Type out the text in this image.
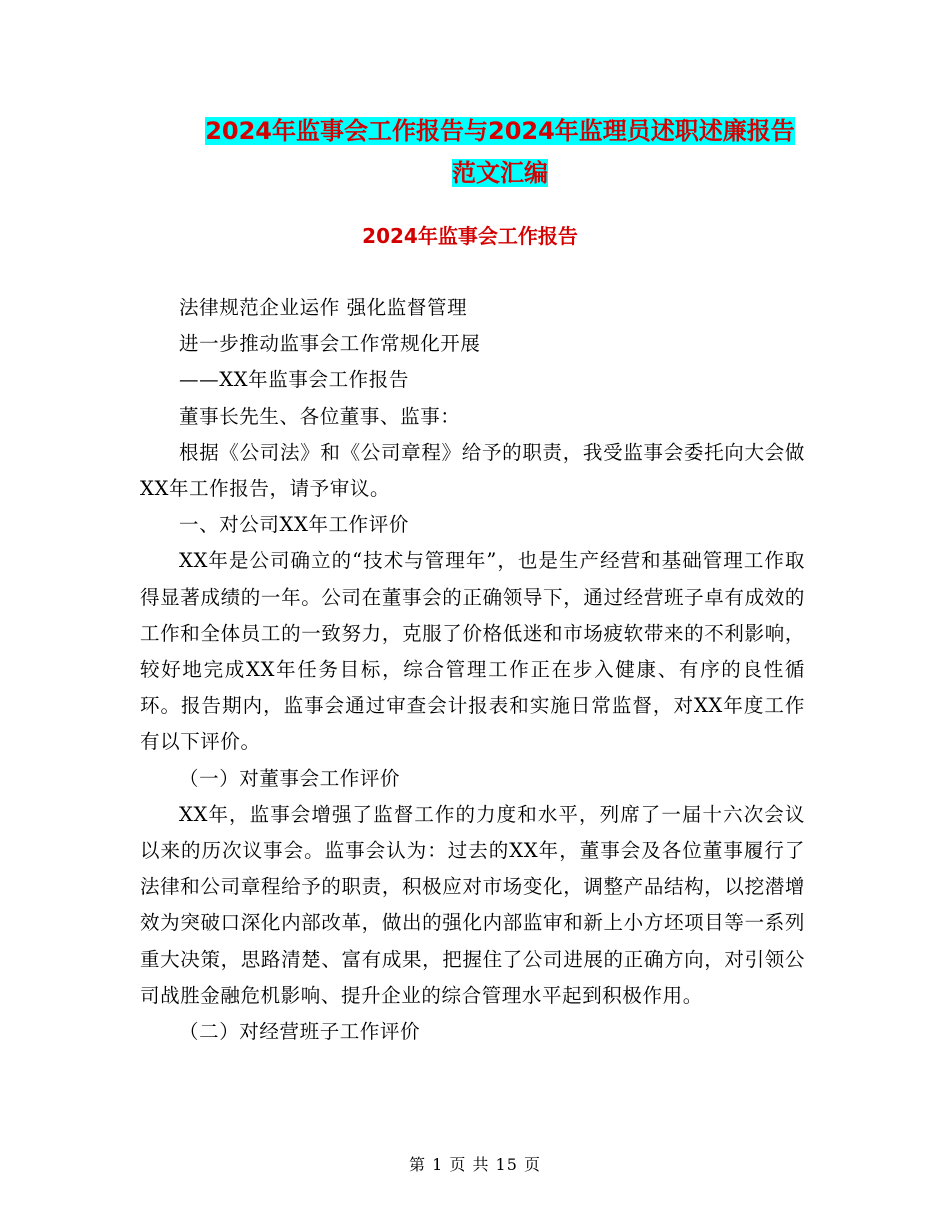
2024年监事会工作报告与2024年监理员述职述廉报告
范文汇编
2024年监事会工作报告

法律规范企业运作 强化监督管理

进一步推动监事会工作常规化开展

——XX年监事会工作报告

董事长先生、各位董事、监事：

根据《公司法》和《公司章程》给予的职责，我受监事会委托向大会做XX年工作报告，请予审议。

一、对公司XX年工作评价

XX年是公司确立的“技术与管理年”，也是生产经营和基础管理工作取得显著成绩的一年。公司在董事会的正确领导下，通过经营班子卓有成效的工作和全体员工的一致努力，克服了价格低迷和市场疲软带来的不利影响，较好地完成XX年任务目标，综合管理工作正在步入健康、有序的良性循环。报告期内，监事会通过审查会计报表和实施日常监督，对XX年度工作有以下评价。

（一）对董事会工作评价

XX年，监事会增强了监督工作的力度和水平，列席了一届十六次会议以来的历次议事会。监事会认为：过去的XX年，董事会及各位董事履行了法律和公司章程给予的职责，积极应对市场变化，调整产品结构，以挖潜增效为突破口深化内部改革，做出的强化内部监审和新上小方坯项目等一系列重大决策，思路清楚、富有成果，把握住了公司进展的正确方向，对引领公司战胜金融危机影响、提升企业的综合管理水平起到积极作用。

（二）对经营班子工作评价

第 1 页 共 15 页
